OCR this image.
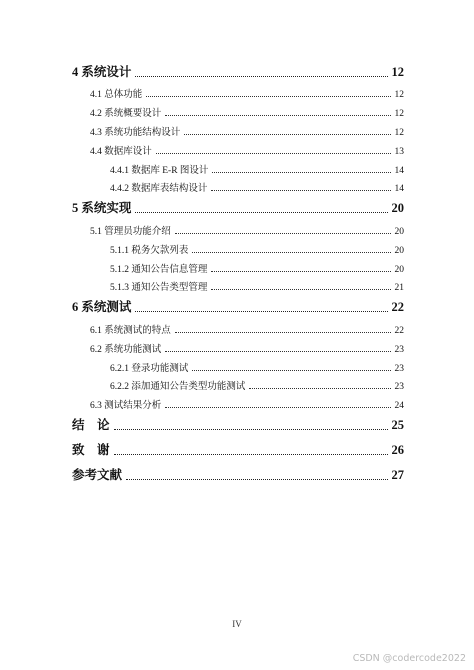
4 系统设计	12
4.1 总体功能	12
4.2 系统概要设计	12
4.3 系统功能结构设计	12
4.4 数据库设计	13
4.4.1 数据库 E-R 图设计	14
4.4.2 数据库表结构设计	14
5 系统实现	20
5.1 管理员功能介绍	20
5.1.1 税务欠款列表	20
5.1.2 通知公告信息管理	20
5.1.3 通知公告类型管理	21
6 系统测试	22
6.1 系统测试的特点	22
6.2 系统功能测试	23
6.2.1 登录功能测试	23
6.2.2 添加通知公告类型功能测试	23
6.3 测试结果分析	24
结　论	25
致　谢	26
参考文献	27
IV
CSDN @codercode2022
